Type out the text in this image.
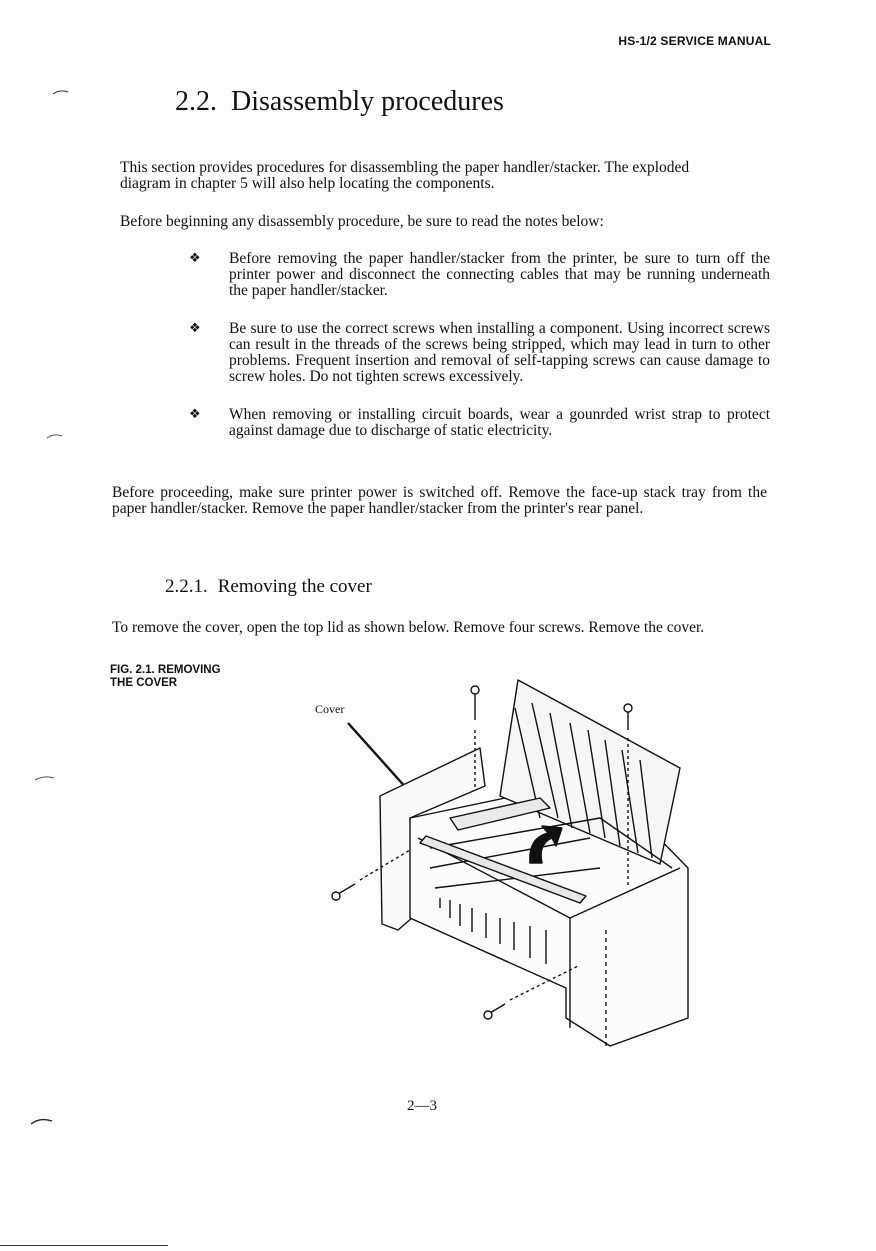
HS-1/2 SERVICE MANUAL
2.2. Disassembly procedures
This section provides procedures for disassembling the paper handler/stacker. The exploded
diagram in chapter 5 will also help locating the components.
Before beginning any disassembly procedure, be sure to read the notes below:
❖ Before removing the paper handler/stacker from the printer, be sure to turn off the printer power and disconnect the connecting cables that may be running underneath the paper handler/stacker.
❖ Be sure to use the correct screws when installing a component. Using incorrect screws can result in the threads of the screws being stripped, which may lead in turn to other problems. Frequent insertion and removal of self-tapping screws can cause damage to screw holes. Do not tighten screws excessively.
❖ When removing or installing circuit boards, wear a gounrded wrist strap to protect against damage due to discharge of static electricity.
Before proceeding, make sure printer power is switched off. Remove the face-up stack tray from the paper handler/stacker. Remove the paper handler/stacker from the printer's rear panel.
2.2.1. Removing the cover
To remove the cover, open the top lid as shown below. Remove four screws. Remove the cover.
FIG. 2.1. REMOVING
THE COVER
Cover
2—3
